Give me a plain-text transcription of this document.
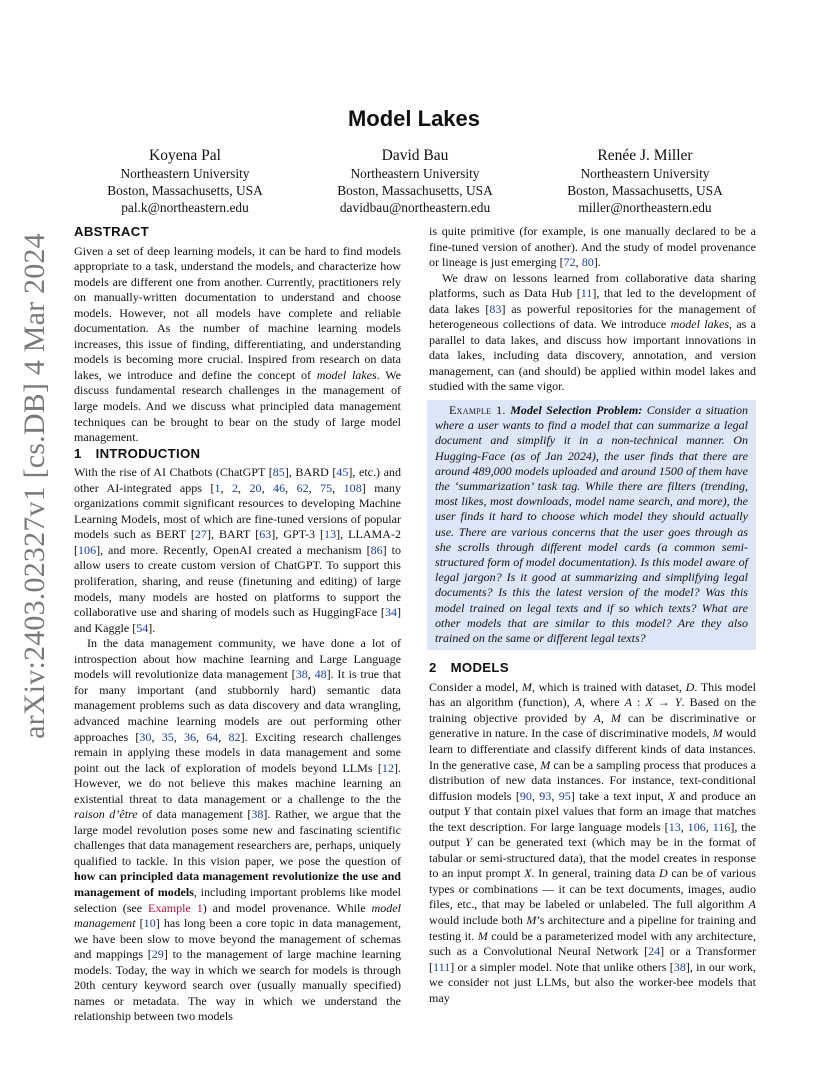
arXiv:2403.02327v1 [cs.DB] 4 Mar 2024
Model Lakes
Koyena Pal
Northeastern University
Boston, Massachusetts, USA
pal.k@northeastern.edu
David Bau
Northeastern University
Boston, Massachusetts, USA
davidbau@northeastern.edu
Renée J. Miller
Northeastern University
Boston, Massachusetts, USA
miller@northeastern.edu
ABSTRACT

Given a set of deep learning models, it can be hard to find models appropriate to a task, understand the models, and characterize how models are different one from another. Currently, practitioners rely on manually-written documentation to understand and choose models. However, not all models have complete and reliable documentation. As the number of machine learning models increases, this issue of finding, differentiating, and understanding models is becoming more crucial. Inspired from research on data lakes, we introduce and define the concept of model lakes. We discuss fundamental research challenges in the management of large models. And we discuss what principled data management techniques can be brought to bear on the study of large model management.

1 INTRODUCTION

With the rise of AI Chatbots (ChatGPT [85], BARD [45], etc.) and other AI-integrated apps [1, 2, 20, 46, 62, 75, 108] many organizations commit significant resources to developing Machine Learning Models, most of which are fine-tuned versions of popular models such as BERT [27], BART [63], GPT-3 [13], LLAMA-2 [106], and more. Recently, OpenAI created a mechanism [86] to allow users to create custom version of ChatGPT. To support this proliferation, sharing, and reuse (finetuning and editing) of large models, many models are hosted on platforms to support the collaborative use and sharing of models such as HuggingFace [34] and Kaggle [54].

In the data management community, we have done a lot of introspection about how machine learning and Large Language models will revolutionize data management [38, 48]. It is true that for many important (and stubbornly hard) semantic data management problems such as data discovery and data wrangling, advanced machine learning models are out performing other approaches [30, 35, 36, 64, 82]. Exciting research challenges remain in applying these models in data management and some point out the lack of exploration of models beyond LLMs [12]. However, we do not believe this makes machine learning an existential threat to data management or a challenge to the the raison d’être of data management [38]. Rather, we argue that the large model revolution poses some new and fascinating scientific challenges that data management researchers are, perhaps, uniquely qualified to tackle. In this vision paper, we pose the question of how can principled data management revolutionize the use and management of models, including important problems like model selection (see Example 1) and model provenance. While model management [10] has long been a core topic in data management, we have been slow to move beyond the management of schemas and mappings [29] to the management of large machine learning models. Today, the way in which we search for models is through 20th century keyword search over (usually manually specified) names or metadata. The way in which we understand the relationship between two models

is quite primitive (for example, is one manually declared to be a fine-tuned version of another). And the study of model provenance or lineage is just emerging [72, 80].

We draw on lessons learned from collaborative data sharing platforms, such as Data Hub [11], that led to the development of data lakes [83] as powerful repositories for the management of heterogeneous collections of data. We introduce model lakes, as a parallel to data lakes, and discuss how important innovations in data lakes, including data discovery, annotation, and version management, can (and should) be applied within model lakes and studied with the same vigor.

Example 1. Model Selection Problem: Consider a situation where a user wants to find a model that can summarize a legal document and simplify it in a non-technical manner. On Hugging-Face (as of Jan 2024), the user finds that there are around 489,000 models uploaded and around 1500 of them have the ‘summarization’ task tag. While there are filters (trending, most likes, most downloads, model name search, and more), the user finds it hard to choose which model they should actually use. There are various concerns that the user goes through as she scrolls through different model cards (a common semi-structured form of model documentation). Is this model aware of legal jargon? Is it good at summarizing and simplifying legal documents? Is this the latest version of the model? Was this model trained on legal texts and if so which texts? What are other models that are similar to this model? Are they also trained on the same or different legal texts?
2 MODELS

Consider a model, M, which is trained with dataset, D. This model has an algorithm (function), A, where A : X → Y. Based on the training objective provided by A, M can be discriminative or generative in nature. In the case of discriminative models, M would learn to differentiate and classify different kinds of data instances. In the generative case, M can be a sampling process that produces a distribution of new data instances. For instance, text-conditional diffusion models [90, 93, 95] take a text input, X and produce an output Y that contain pixel values that form an image that matches the text description. For large language models [13, 106, 116], the output Y can be generated text (which may be in the format of tabular or semi-structured data), that the model creates in response to an input prompt X. In general, training data D can be of various types or combinations — it can be text documents, images, audio files, etc., that may be labeled or unlabeled. The full algorithm A would include both M’s architecture and a pipeline for training and testing it. M could be a parameterized model with any architecture, such as a Convolutional Neural Network [24] or a Transformer [111] or a simpler model. Note that unlike others [38], in our work, we consider not just LLMs, but also the worker-bee models that may
